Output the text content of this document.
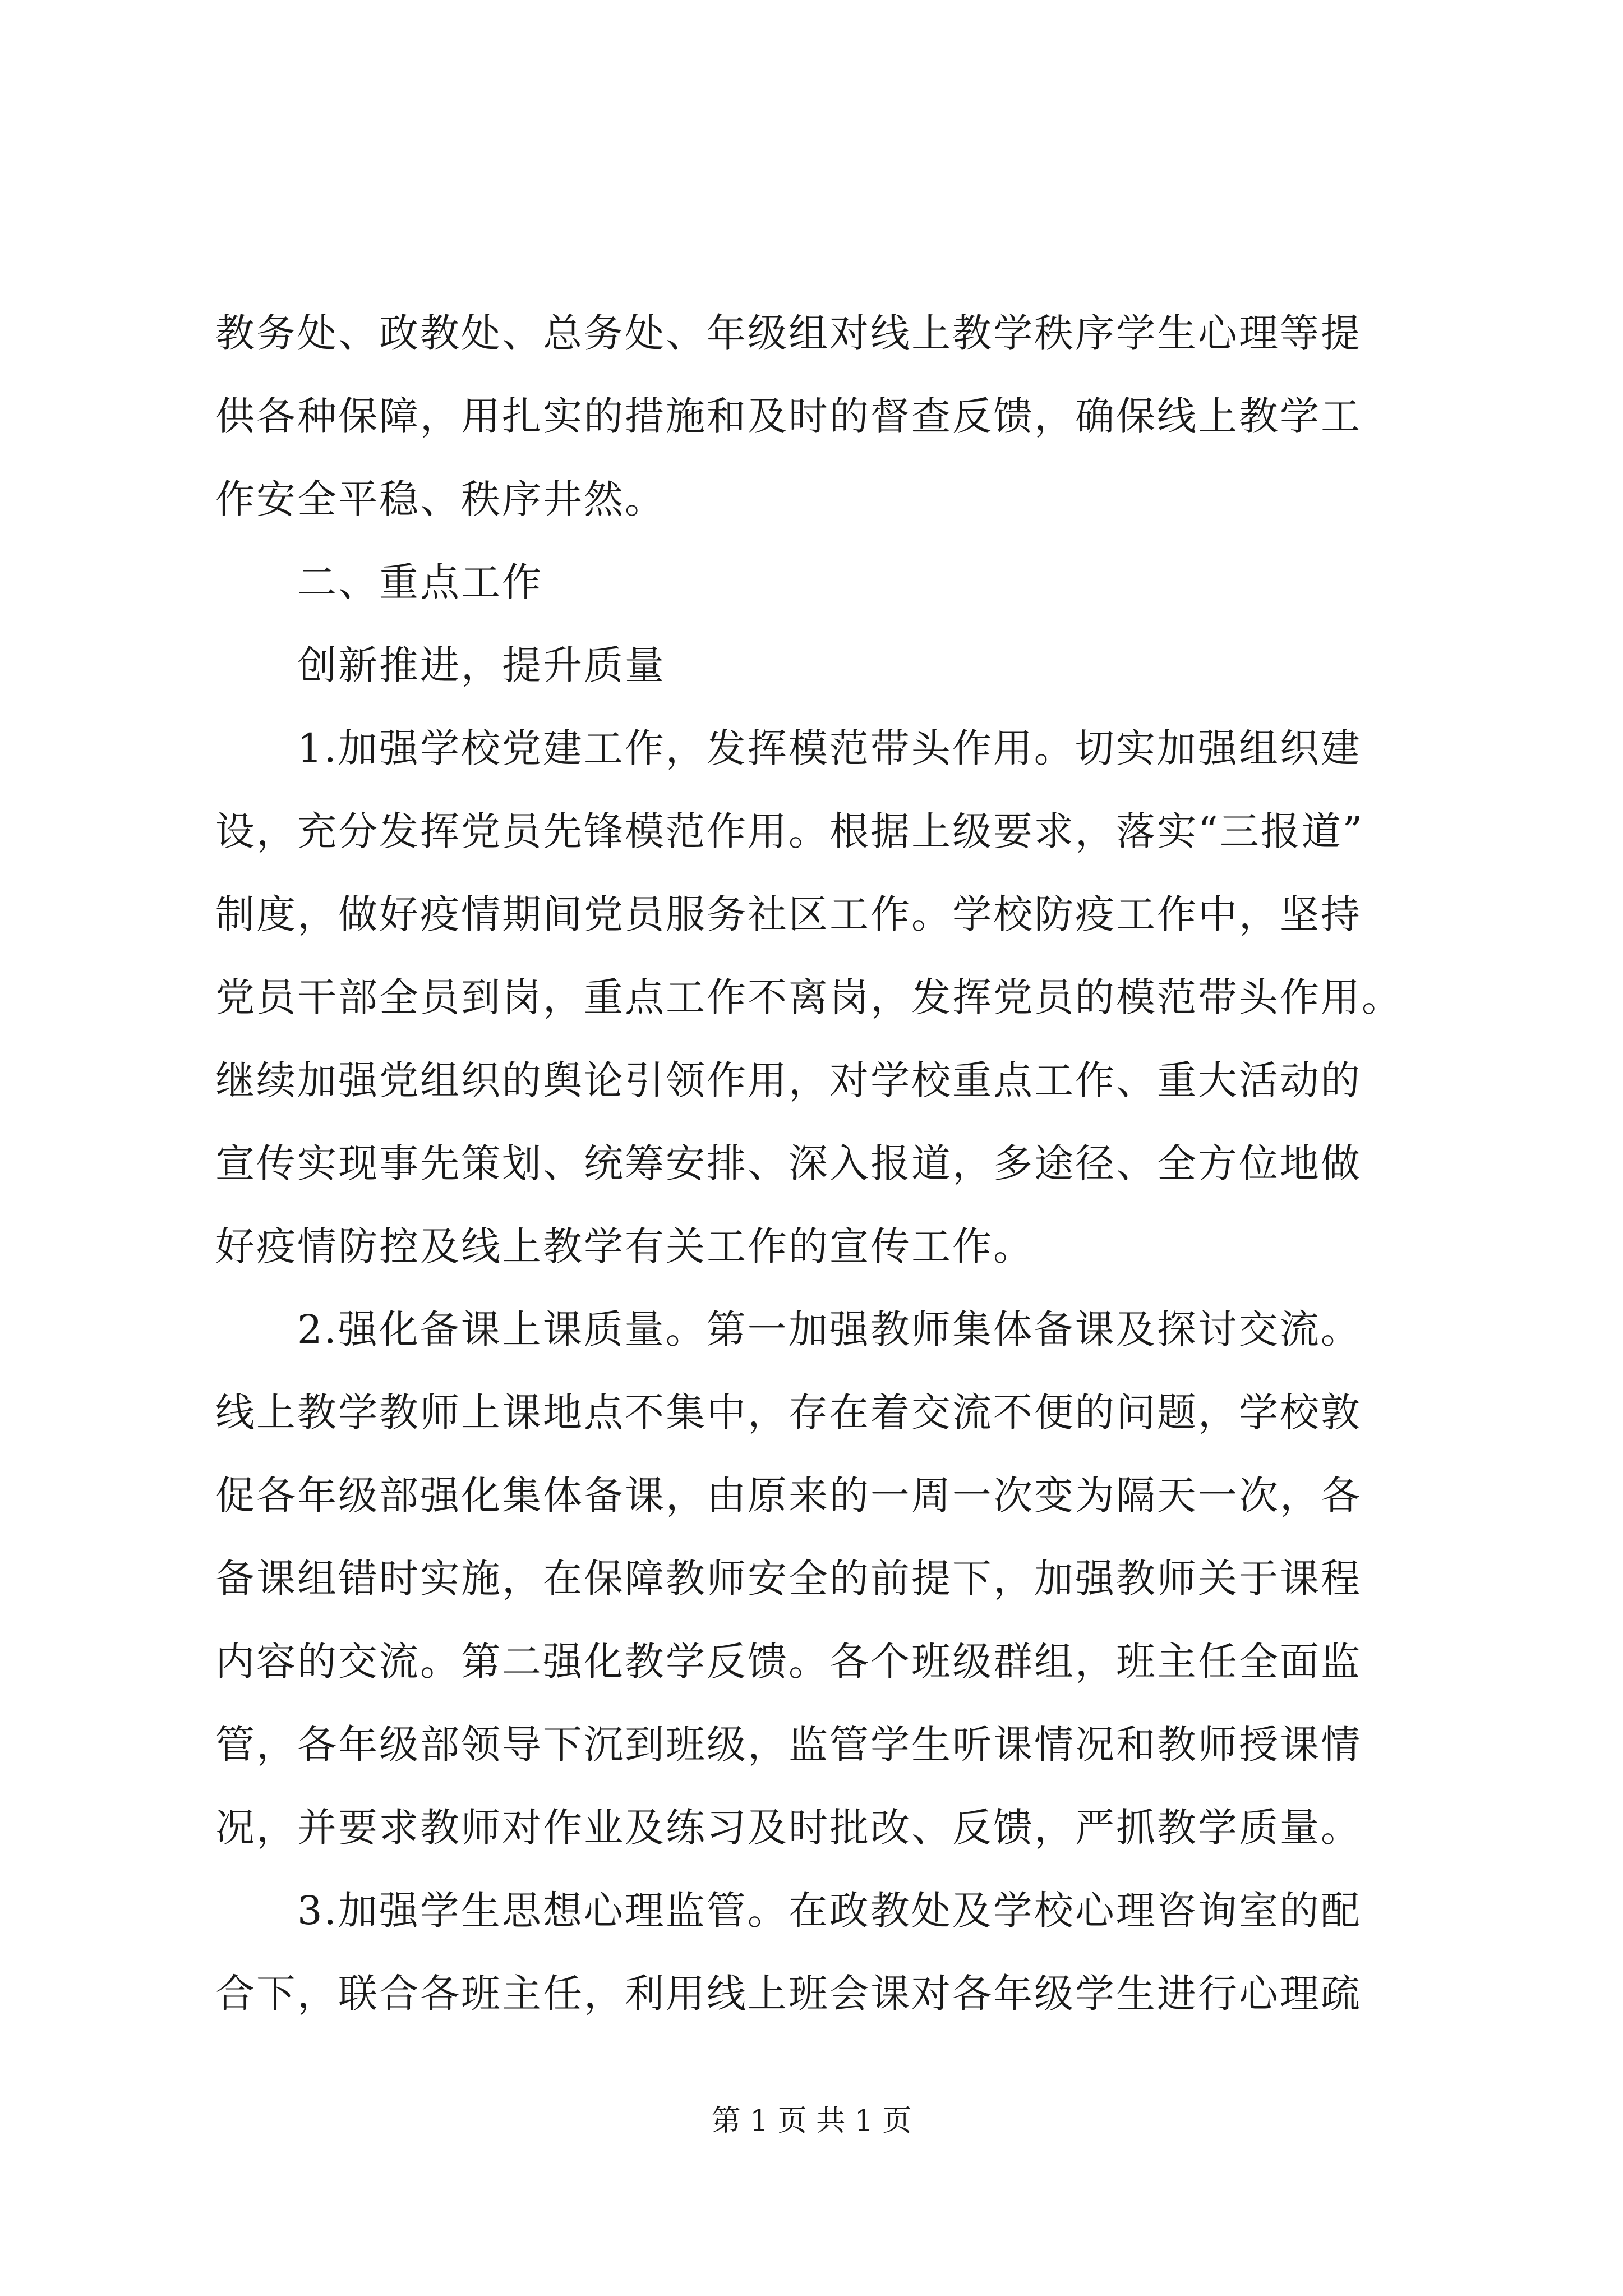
教务处、政教处、总务处、年级组对线上教学秩序学生心理等提
供各种保障，用扎实的措施和及时的督查反馈，确保线上教学工
作安全平稳、秩序井然。
　　二、重点工作
　　创新推进，提升质量
　　1.加强学校党建工作，发挥模范带头作用。切实加强组织建
设，充分发挥党员先锋模范作用。根据上级要求，落实“三报道”
制度，做好疫情期间党员服务社区工作。学校防疫工作中，坚持
党员干部全员到岗，重点工作不离岗，发挥党员的模范带头作用。
继续加强党组织的舆论引领作用，对学校重点工作、重大活动的
宣传实现事先策划、统筹安排、深入报道，多途径、全方位地做
好疫情防控及线上教学有关工作的宣传工作。
　　2.强化备课上课质量。第一加强教师集体备课及探讨交流。
线上教学教师上课地点不集中，存在着交流不便的问题，学校敦
促各年级部强化集体备课，由原来的一周一次变为隔天一次，各
备课组错时实施，在保障教师安全的前提下，加强教师关于课程
内容的交流。第二强化教学反馈。各个班级群组，班主任全面监
管，各年级部领导下沉到班级，监管学生听课情况和教师授课情
况，并要求教师对作业及练习及时批改、反馈，严抓教学质量。
　　3.加强学生思想心理监管。在政教处及学校心理咨询室的配
合下，联合各班主任，利用线上班会课对各年级学生进行心理疏
第 1 页 共 1 页
